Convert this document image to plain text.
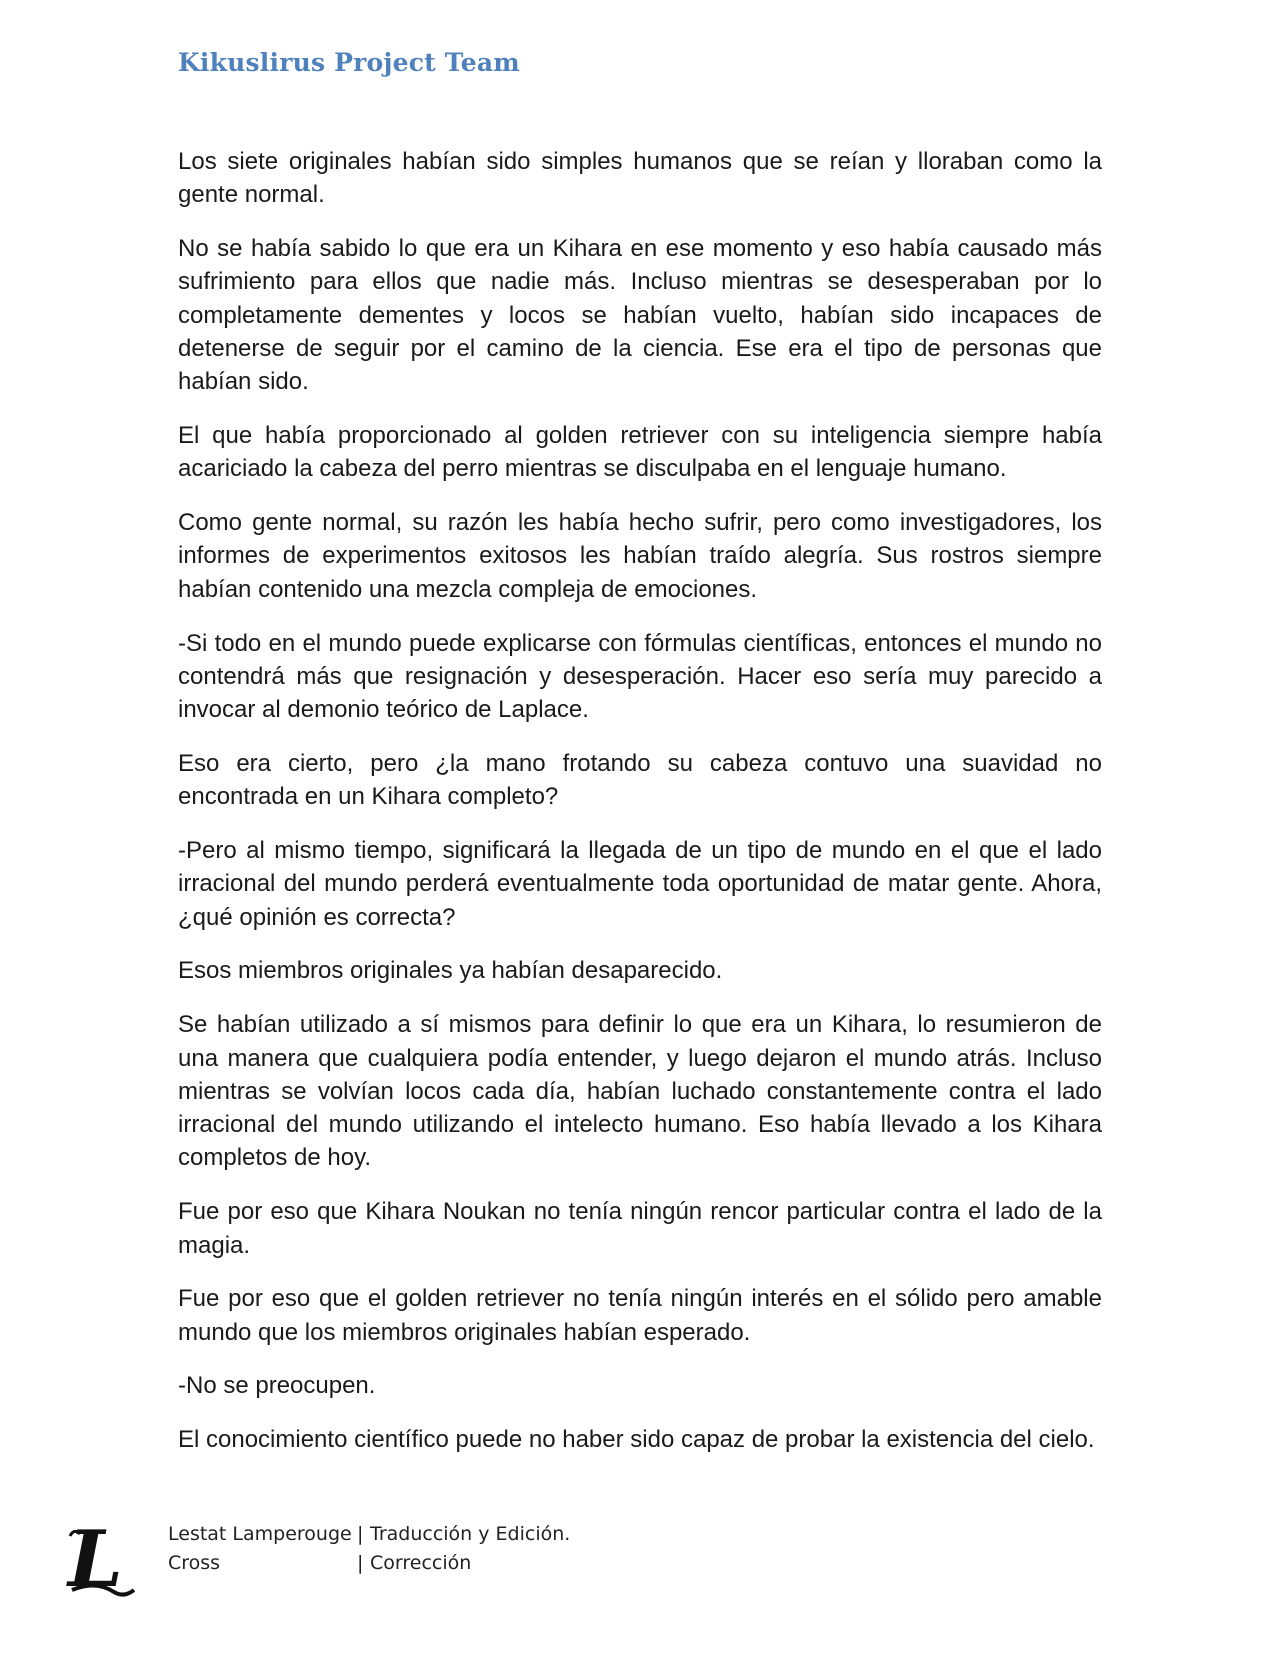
Kikuslirus Project Team

Los siete originales habían sido simples humanos que se reían y lloraban como la gente normal.

No se había sabido lo que era un Kihara en ese momento y eso había causado más sufrimiento para ellos que nadie más. Incluso mientras se desesperaban por lo completamente dementes y locos se habían vuelto, habían sido incapaces de detenerse de seguir por el camino de la ciencia. Ese era el tipo de personas que habían sido.

El que había proporcionado al golden retriever con su inteligencia siempre había acariciado la cabeza del perro mientras se disculpaba en el lenguaje humano.

Como gente normal, su razón les había hecho sufrir, pero como investigadores, los informes de experimentos exitosos les habían traído alegría. Sus rostros siempre habían contenido una mezcla compleja de emociones.

-Si todo en el mundo puede explicarse con fórmulas científicas, entonces el mundo no contendrá más que resignación y desesperación. Hacer eso sería muy parecido a invocar al demonio teórico de Laplace.

Eso era cierto, pero ¿la mano frotando su cabeza contuvo una suavidad no encontrada en un Kihara completo?

-Pero al mismo tiempo, significará la llegada de un tipo de mundo en el que el lado irracional del mundo perderá eventualmente toda oportunidad de matar gente. Ahora, ¿qué opinión es correcta?

Esos miembros originales ya habían desaparecido.

Se habían utilizado a sí mismos para definir lo que era un Kihara, lo resumieron de una manera que cualquiera podía entender, y luego dejaron el mundo atrás. Incluso mientras se volvían locos cada día, habían luchado constantemente contra el lado irracional del mundo utilizando el intelecto humano. Eso había llevado a los Kihara completos de hoy.

Fue por eso que Kihara Noukan no tenía ningún rencor particular contra el lado de la magia.

Fue por eso que el golden retriever no tenía ningún interés en el sólido pero amable mundo que los miembros originales habían esperado.

-No se preocupen.

El conocimiento científico puede no haber sido capaz de probar la existencia del cielo.

L Lestat Lamperouge | Traducción y Edición.
Cross	| Corrección
